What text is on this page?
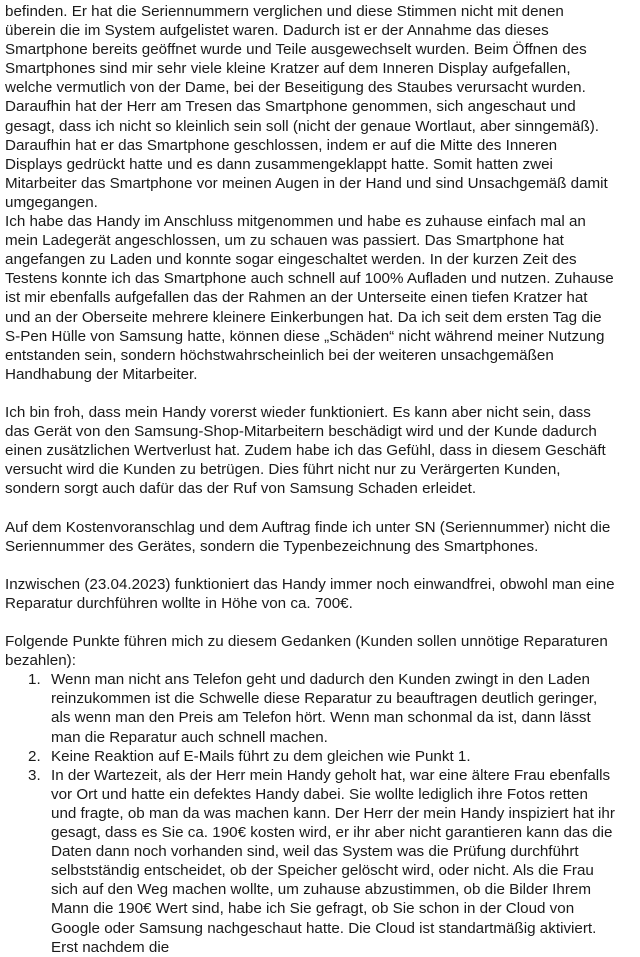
befinden. Er hat die Seriennummern verglichen und diese Stimmen nicht mit denen überein die im System aufgelistet waren. Dadurch ist er der Annahme das dieses Smartphone bereits geöffnet wurde und Teile ausgewechselt wurden. Beim Öffnen des Smartphones sind mir sehr viele kleine Kratzer auf dem Inneren Display aufgefallen, welche vermutlich von der Dame, bei der Beseitigung des Staubes verursacht wurden. Daraufhin hat der Herr am Tresen das Smartphone genommen, sich angeschaut und gesagt, dass ich nicht so kleinlich sein soll (nicht der genaue Wortlaut, aber sinngemäß). Daraufhin hat er das Smartphone geschlossen, indem er auf die Mitte des Inneren Displays gedrückt hatte und es dann zusammengeklappt hatte. Somit hatten zwei Mitarbeiter das Smartphone vor meinen Augen in der Hand und sind Unsachgemäß damit umgegangen.

Ich habe das Handy im Anschluss mitgenommen und habe es zuhause einfach mal an mein Ladegerät angeschlossen, um zu schauen was passiert. Das Smartphone hat angefangen zu Laden und konnte sogar eingeschaltet werden. In der kurzen Zeit des Testens konnte ich das Smartphone auch schnell auf 100% Aufladen und nutzen. Zuhause ist mir ebenfalls aufgefallen das der Rahmen an der Unterseite einen tiefen Kratzer hat und an der Oberseite mehrere kleinere Einkerbungen hat. Da ich seit dem ersten Tag die S-Pen Hülle von Samsung hatte, können diese „Schäden“ nicht während meiner Nutzung entstanden sein, sondern höchstwahrscheinlich bei der weiteren unsachgemäßen Handhabung der Mitarbeiter.

Ich bin froh, dass mein Handy vorerst wieder funktioniert. Es kann aber nicht sein, dass das Gerät von den Samsung-Shop-Mitarbeitern beschädigt wird und der Kunde dadurch einen zusätzlichen Wertverlust hat. Zudem habe ich das Gefühl, dass in diesem Geschäft versucht wird die Kunden zu betrügen. Dies führt nicht nur zu Verärgerten Kunden, sondern sorgt auch dafür das der Ruf von Samsung Schaden erleidet.

Auf dem Kostenvoranschlag und dem Auftrag finde ich unter SN (Seriennummer) nicht die Seriennummer des Gerätes, sondern die Typenbezeichnung des Smartphones.

Inzwischen (23.04.2023) funktioniert das Handy immer noch einwandfrei, obwohl man eine Reparatur durchführen wollte in Höhe von ca. 700€.

Folgende Punkte führen mich zu diesem Gedanken (Kunden sollen unnötige Reparaturen bezahlen):

1. Wenn man nicht ans Telefon geht und dadurch den Kunden zwingt in den Laden reinzukommen ist die Schwelle diese Reparatur zu beauftragen deutlich geringer, als wenn man den Preis am Telefon hört. Wenn man schonmal da ist, dann lässt man die Reparatur auch schnell machen.
2. Keine Reaktion auf E-Mails führt zu dem gleichen wie Punkt 1.
3. In der Wartezeit, als der Herr mein Handy geholt hat, war eine ältere Frau ebenfalls vor Ort und hatte ein defektes Handy dabei. Sie wollte lediglich ihre Fotos retten und fragte, ob man da was machen kann. Der Herr der mein Handy inspiziert hat ihr gesagt, dass es Sie ca. 190€ kosten wird, er ihr aber nicht garantieren kann das die Daten dann noch vorhanden sind, weil das System was die Prüfung durchführt selbstständig entscheidet, ob der Speicher gelöscht wird, oder nicht. Als die Frau sich auf den Weg machen wollte, um zuhause abzustimmen, ob die Bilder Ihrem Mann die 190€ Wert sind, habe ich Sie gefragt, ob Sie schon in der Cloud von Google oder Samsung nachgeschaut hatte. Die Cloud ist standartmäßig aktiviert. Erst nachdem die
